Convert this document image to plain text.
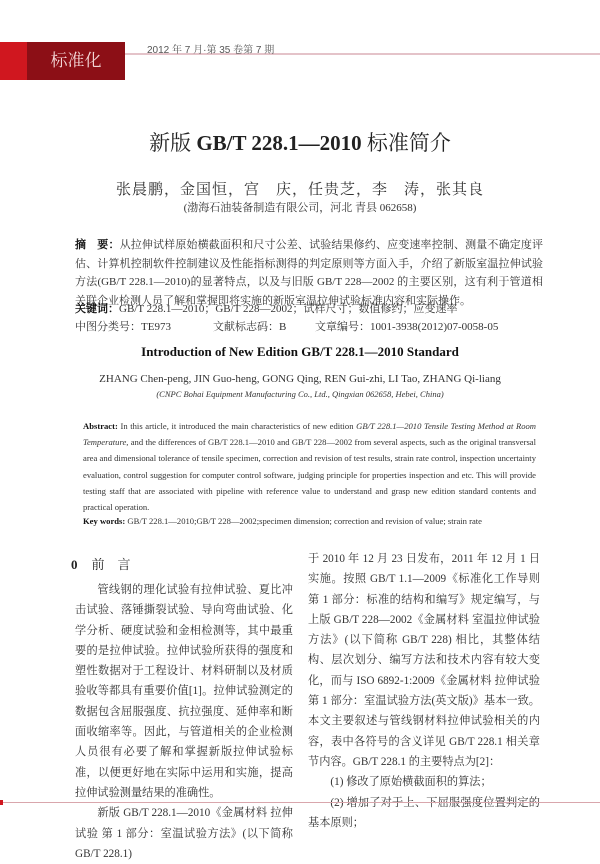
标准化
2012 年 7 月·第 35 卷第 7 期
新版 GB/T 228.1—2010 标准简介
张晨鹏，金国恒，宫　庆，任贵芝，李　涛，张其良
(渤海石油装备制造有限公司，河北 青县 062658)
摘　要：从拉伸试样原始横截面积和尺寸公差、试验结果修约、应变速率控制、测量不确定度评估、计算机控制软件控制建议及性能指标测得的判定原则等方面入手，介绍了新版室温拉伸试验方法(GB/T 228.1—2010)的显著特点，以及与旧版 GB/T 228—2002 的主要区别，这有利于管道相关联企业检测人员了解和掌握即将实施的新版室温拉伸试验标准内容和实际操作。
关键词：GB/T 228.1—2010；GB/T 228—2002；试样尺寸；数值修约；应变速率
中图分类号：TE973	文献标志码：B	文章编号：1001-3938(2012)07-0058-05
Introduction of New Edition GB/T 228.1—2010 Standard
ZHANG Chen-peng, JIN Guo-heng, GONG Qing, REN Gui-zhi, LI Tao, ZHANG Qi-liang
(CNPC Bohai Equipment Manufacturing Co., Ltd., Qingxian 062658, Hebei, China)
Abstract: In this article, it introduced the main characteristics of new edition GB/T 228.1—2010 Tensile Testing Method at Room Temperature, and the differences of GB/T 228.1—2010 and GB/T 228—2002 from several aspects, such as the original transversal area and dimensional tolerance of tensile specimen, correction and revision of test results, strain rate control, inspection uncertainty evaluation, control suggestion for computer control software, judging principle for properties inspection and etc. This will provide testing staff that are associated with pipeline with reference value to understand and grasp new edition standard contents and practical operation.
Key words: GB/T 228.1—2010;GB/T 228—2002;specimen dimension; correction and revision of value; strain rate
0 前　言

管线钢的理化试验有拉伸试验、夏比冲击试验、落锤撕裂试验、导向弯曲试验、化学分析、硬度试验和金相检测等，其中最重要的是拉伸试验。拉伸试验所获得的强度和塑性数据对于工程设计、材料研制以及材质验收等都具有重要价值[1]。拉伸试验测定的数据包含屈服强度、抗拉强度、延伸率和断面收缩率等。因此，与管道相关的企业检测人员很有必要了解和掌握新版拉伸试验标准，以便更好地在实际中运用和实施，提高拉伸试验测量结果的准确性。

新版 GB/T 228.1—2010《金属材料 拉伸试验 第 1 部分：室温试验方法》(以下简称 GB/T 228.1)

于 2010 年 12 月 23 日发布，2011 年 12 月 1 日实施。按照 GB/T 1.1—2009《标准化工作导则 第 1 部分：标准的结构和编写》规定编写，与上版 GB/T 228—2002《金属材料 室温拉伸试验方法》(以下简称 GB/T 228) 相比，其整体结构、层次划分、编写方法和技术内容有较大变化，而与 ISO 6892-1:2009《金属材料 拉伸试验 第 1 部分：室温试验方法(英文版)》基本一致。本文主要叙述与管线钢材料拉伸试验相关的内容，表中各符号的含义详见 GB/T 228.1 相关章节内容。GB/T 228.1 的主要特点为[2]：

(1) 修改了原始横截面积的算法；

基本原则；
